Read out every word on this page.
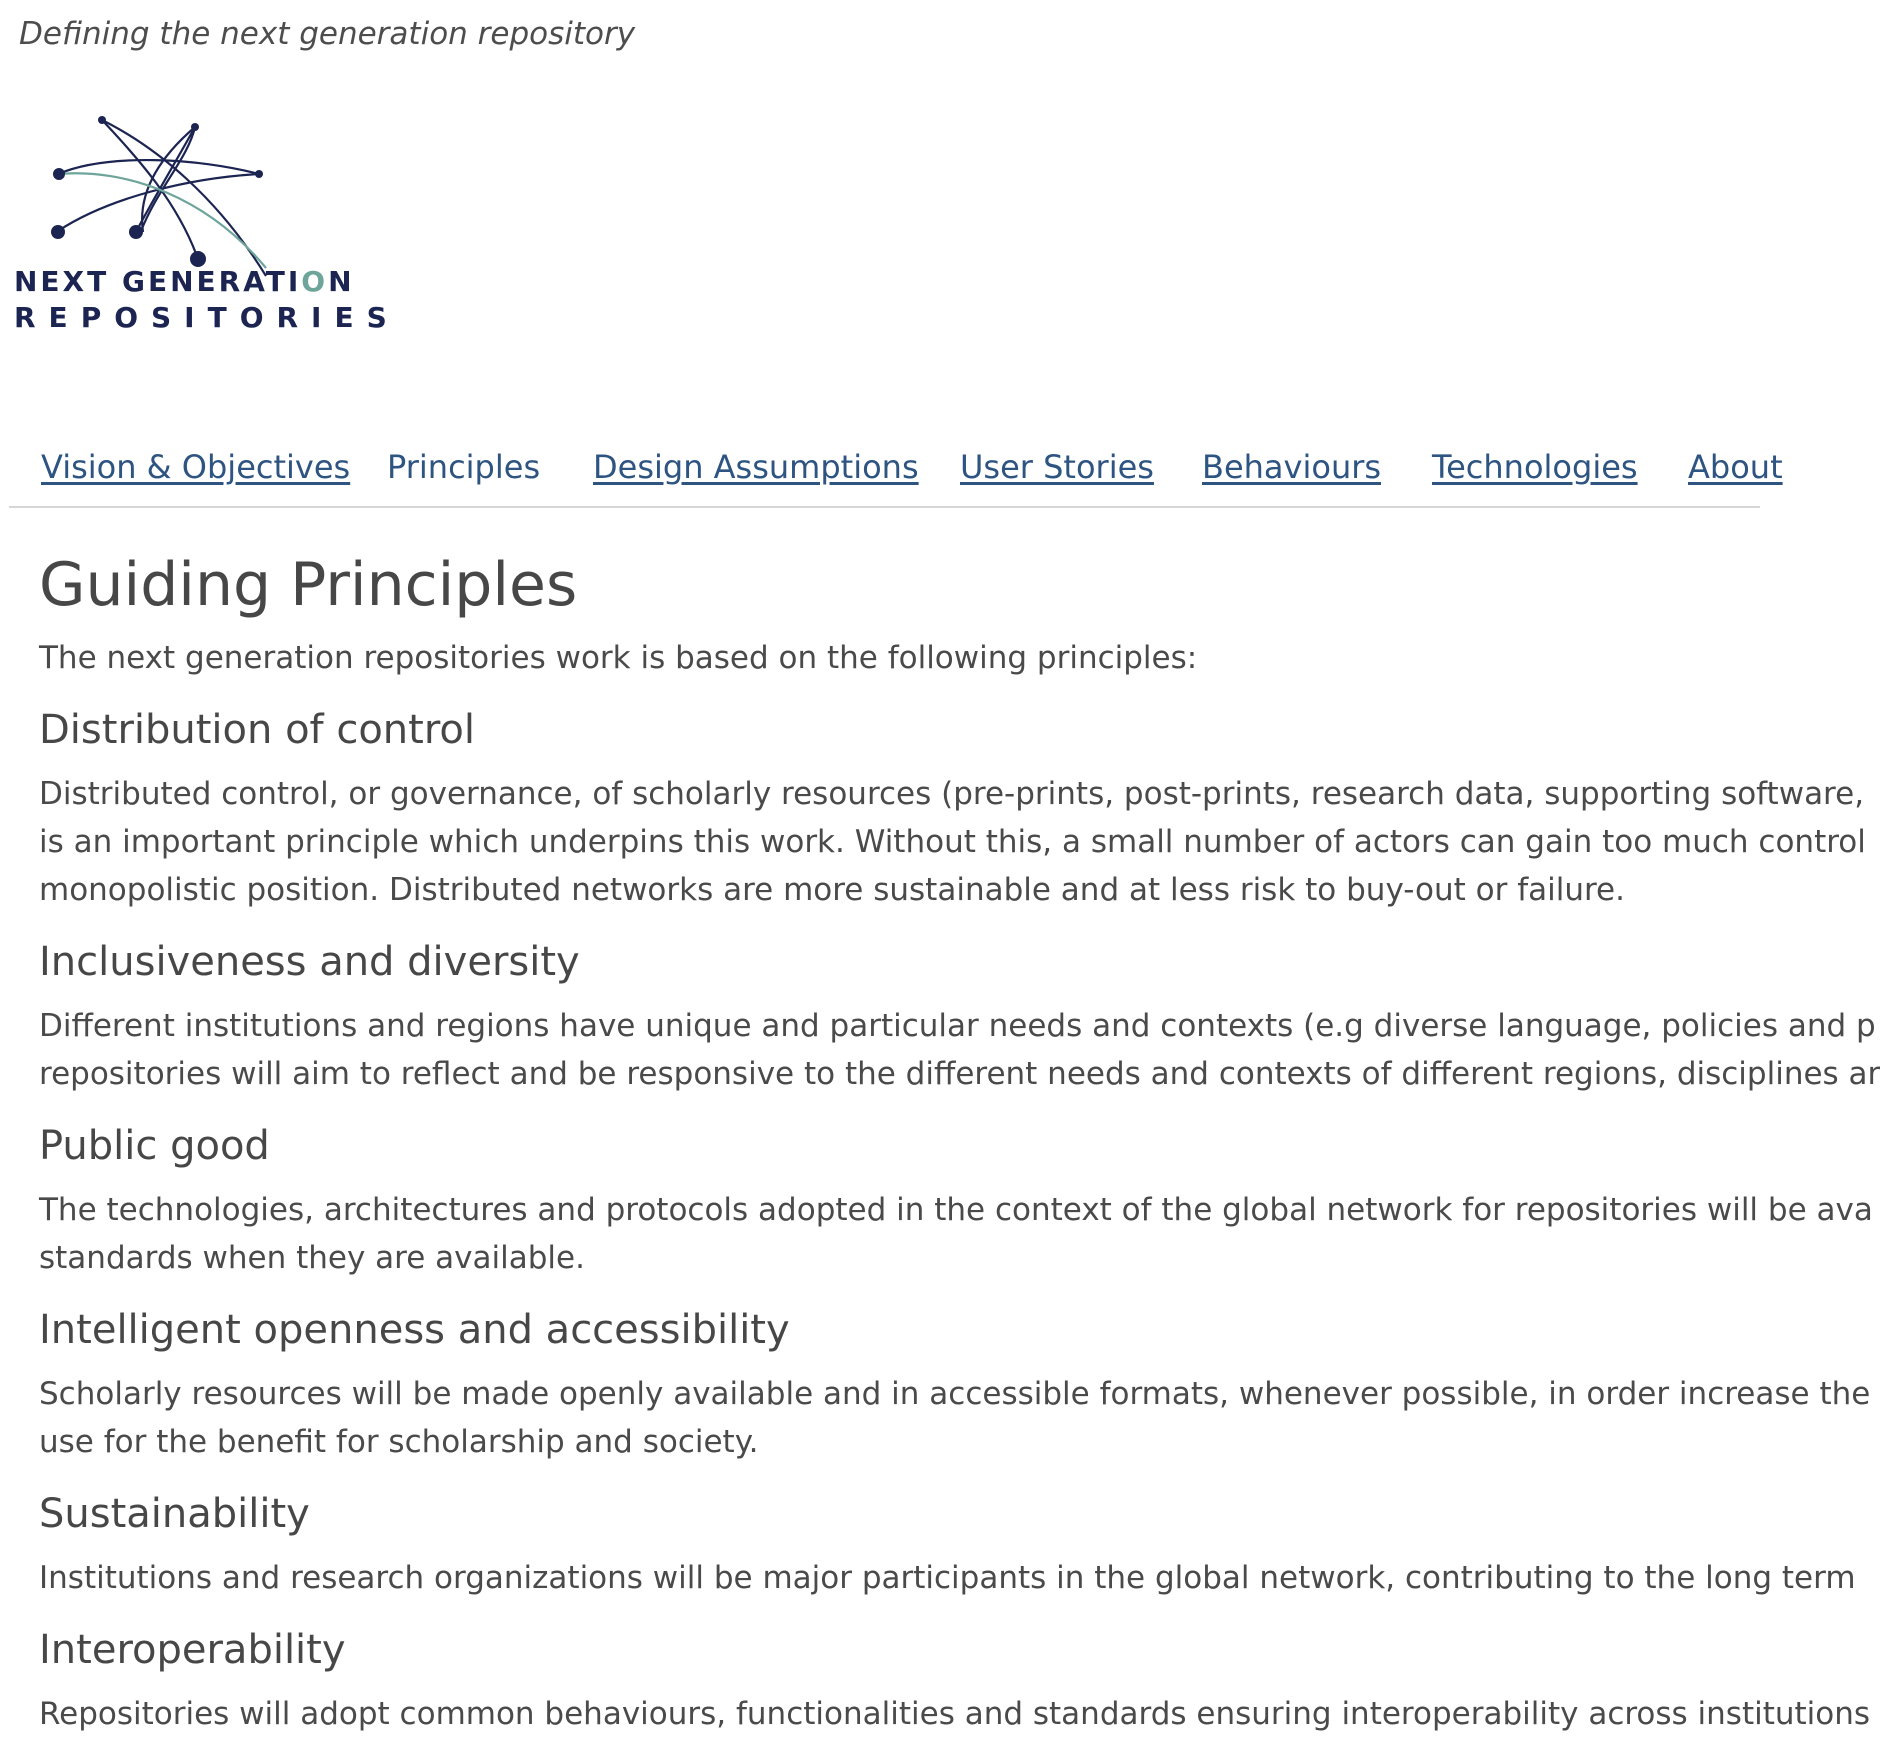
Defining the next generation repository
NEXT GENERATION
REPOSITORIES
Vision & Objectives Principles Design Assumptions User Stories Behaviours Technologies About
Guiding Principles

The next generation repositories work is based on the following principles:

Distribution of control

Distributed control, or governance, of scholarly resources (pre-prints, post-prints, research data, supporting software,
is an important principle which underpins this work. Without this, a small number of actors can gain too much control
monopolistic position. Distributed networks are more sustainable and at less risk to buy-out or failure.

Inclusiveness and diversity

Different institutions and regions have unique and particular needs and contexts (e.g diverse language, policies and p
repositories will aim to reflect and be responsive to the different needs and contexts of different regions, disciplines ar

Public good

The technologies, architectures and protocols adopted in the context of the global network for repositories will be ava
standards when they are available.

Intelligent openness and accessibility

Scholarly resources will be made openly available and in accessible formats, whenever possible, in order increase the
use for the benefit for scholarship and society.

Sustainability

Institutions and research organizations will be major participants in the global network, contributing to the long term

Interoperability

Repositories will adopt common behaviours, functionalities and standards ensuring interoperability across institutions
